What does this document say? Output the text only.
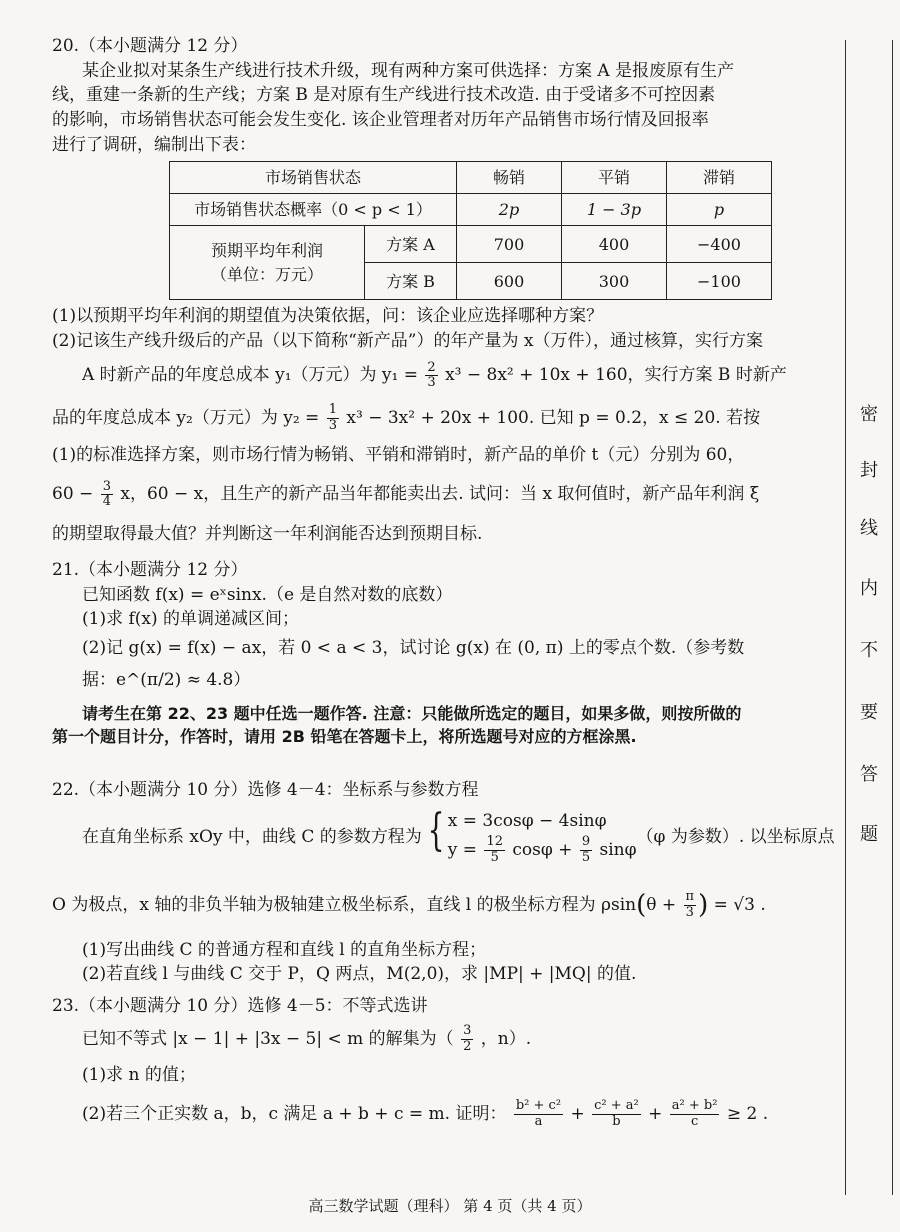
20.（本小题满分 12 分）
某企业拟对某条生产线进行技术升级，现有两种方案可供选择：方案 A 是报废原有生产
线，重建一条新的生产线；方案 B 是对原有生产线进行技术改造. 由于受诸多不可控因素
的影响，市场销售状态可能会发生变化. 该企业管理者对历年产品销售市场行情及回报率
进行了调研，编制出下表：
市场销售状态		畅销	平销	滞销
市场销售状态概率（0 < p < 1）		2p	1 − 3p	p

预期平均年利润
（单位：万元）	方案 A	700	400	−400
	方案 B	600	300	−100
(1)以预期平均年利润的期望值为决策依据，问：该企业应选择哪种方案？
(2)记该生产线升级后的产品（以下简称“新产品”）的年产量为 x（万件），通过核算，实行方案
A 时新产品的年度总成本 y₁（万元）为 $y_1 = \frac{2}{3} x^3 - 8x^2 + 10x + 160$，实行方案 B 时新产
品的年度总成本 y₂（万元）为 $y_2 = \frac{1}{3} x^3 - 3x^2 + 20x + 100$. 已知 p = 0.2，x ≤ 20. 若按
(1)的标准选择方案，则市场行情为畅销、平销和滞销时，新产品的单价 t（元）分别为 60，
$60 - \frac{3}{4}$ x，60 − x，且生产的新产品当年都能卖出去. 试问：当 x 取何值时，新产品年利润 ξ
的期望取得最大值？并判断这一年利润能否达到预期目标.
21.（本小题满分 12 分）
已知函数 f(x) = eˣsinx.（e 是自然对数的底数）
(1)求 f(x) 的单调递减区间；
(2)记 g(x) = f(x) − ax，若 0 < a < 3，试讨论 g(x) 在 (0, π) 上的零点个数.（参考数
据：e^(π/2) ≈ 4.8）
请考生在第 22、23 题中任选一题作答. 注意：只能做所选定的题目，如果多做，则按所做的
第一个题目计分，作答时，请用 2B 铅笔在答题卡上，将所选题号对应的方框涂黑.
22.（本小题满分 10 分）选修 4－4：坐标系与参数方程
在直角坐标系 xOy 中，曲线 C 的参数方程为 { x = 3cosφ − 4sinφ
$y = \frac{12}{5}$ $\cos\varphi + \frac{9}{5}$ sinφ
（φ 为参数）. 以坐标原点
O 为极点，x 轴的非负半轴为极轴建立极坐标系，直线 l 的极坐标方程为 $\rho\sin(\theta + \frac{\pi}{3}$ ) = √3 .
(1)写出曲线 C 的普通方程和直线 l 的直角坐标方程；
(2)若直线 l 与曲线 C 交于 P，Q 两点，M(2,0)，求 |MP| + |MQ| 的值.
23.（本小题满分 10 分）选修 4－5：不等式选讲
已知不等式 |x − 1| + |3x − 5| < m 的解集为（ $\frac{3}{2}$ ，n）.
(1)求 n 的值；
(2)若三个正实数 a，b，c 满足 a + b + c = m. 证明： $\frac{\text{b² + c²}}{a} + \frac{\text{c² + a²}}{b} + \frac{\text{a² + b²}}{c} \ge 2$ .
密
封
线
内
不
要
答
题
高三数学试题（理科） 第 4 页（共 4 页）
